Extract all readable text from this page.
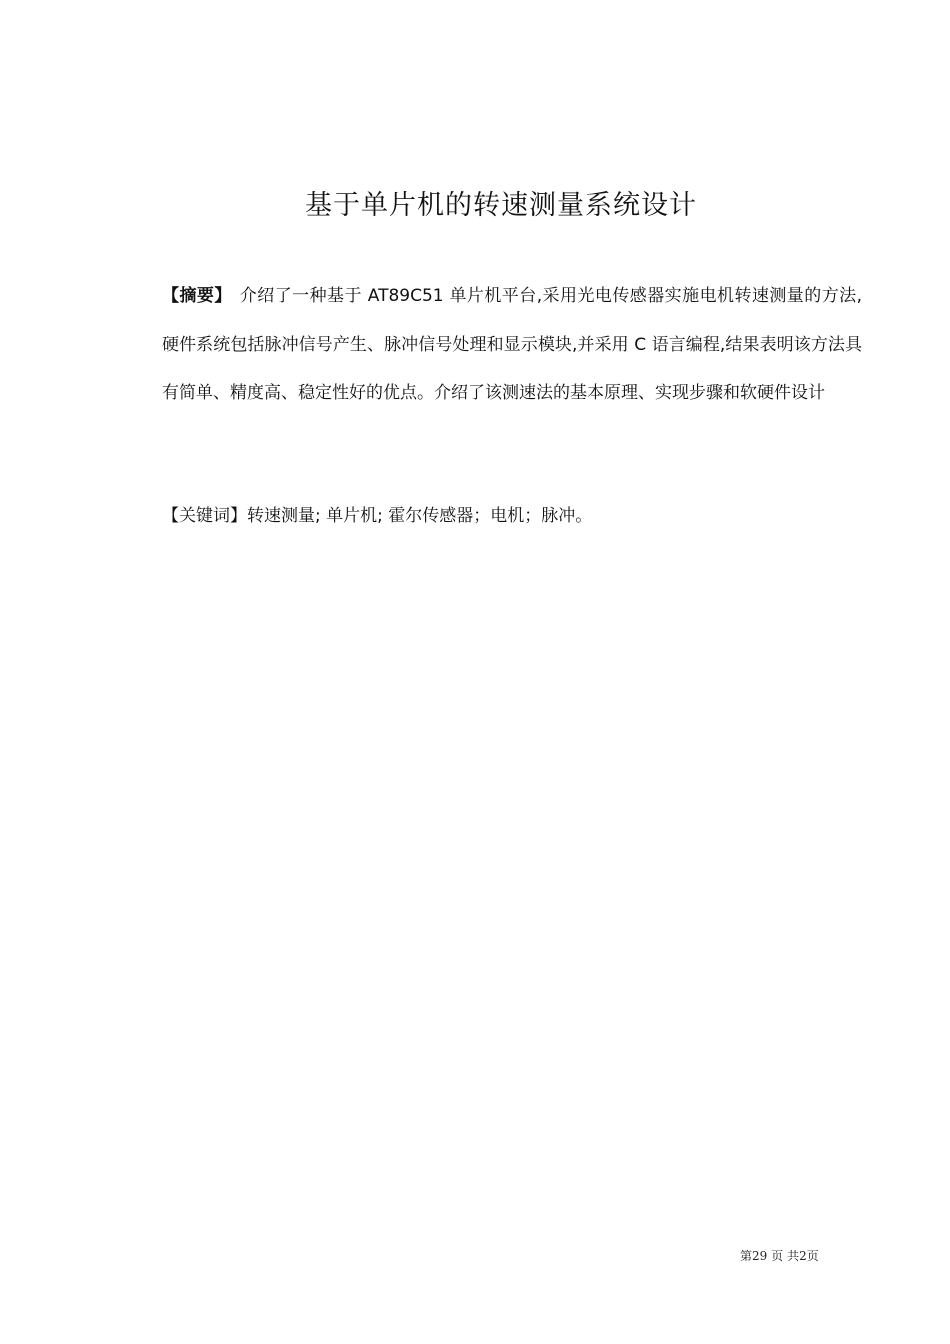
基于单片机的转速测量系统设计
【摘要】 介绍了一种基于 AT89C51 单片机平台,采用光电传感器实施电机转速测量的方法,硬件系统包括脉冲信号产生、脉冲信号处理和显示模块,并采用 C 语言编程,结果表明该方法具有简单、精度高、稳定性好的优点。介绍了该测速法的基本原理、实现步骤和软硬件设计
【关键词】转速测量; 单片机; 霍尔传感器；电机；脉冲。
第29 页 共2页
